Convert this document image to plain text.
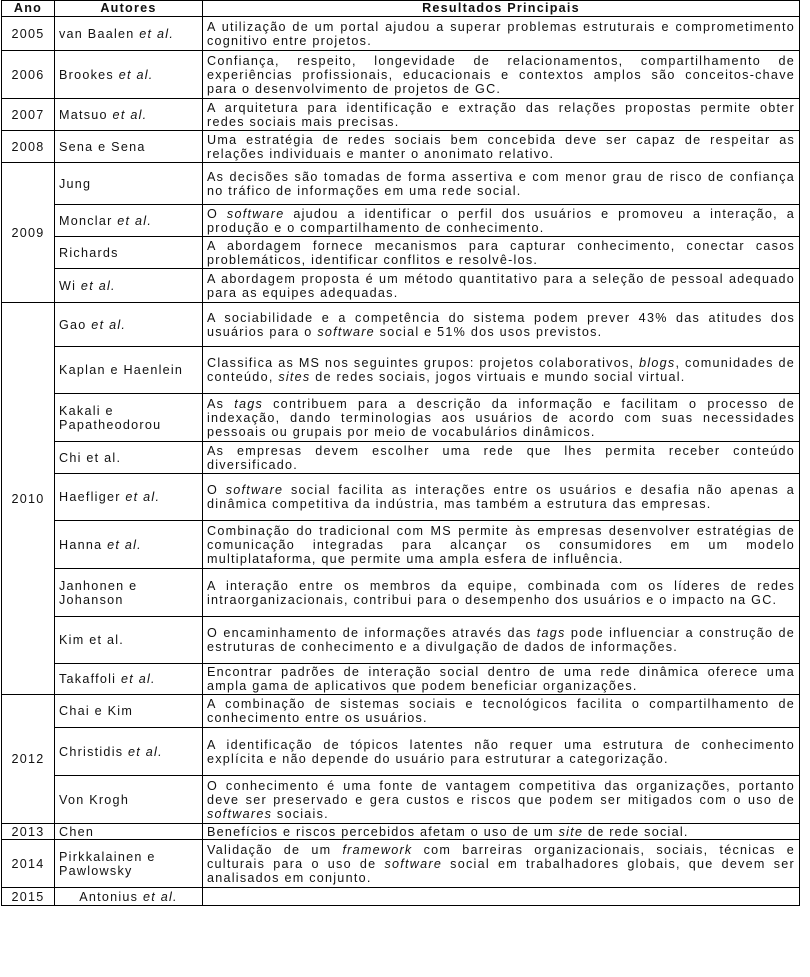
Ano	Autores	Resultados Principais
2005	van Baalen et al.	A utilização de um portal ajudou a superar problemas estruturais e comprometimento cognitivo entre projetos.
2006	Brookes et al.	Confiança, respeito, longevidade de relacionamentos, compartilhamento de experiências profissionais, educacionais e contextos amplos são conceitos-chave para o desenvolvimento de projetos de GC.
2007	Matsuo et al.	A arquitetura para identificação e extração das relações propostas permite obter redes sociais mais precisas.
2008	Sena e Sena	Uma estratégia de redes sociais bem concebida deve ser capaz de respeitar as relações individuais e manter o anonimato relativo.
2009	Jung	As decisões são tomadas de forma assertiva e com menor grau de risco de confiança no tráfico de informações em uma rede social.
	Monclar et al.	O software ajudou a identificar o perfil dos usuários e promoveu a interação, a produção e o compartilhamento de conhecimento.
	Richards	A abordagem fornece mecanismos para capturar conhecimento, conectar casos problemáticos, identificar conflitos e resolvê-los.
	Wi et al.	A abordagem proposta é um método quantitativo para a seleção de pessoal adequado para as equipes adequadas.
2010	Gao et al.	A sociabilidade e a competência do sistema podem prever 43% das atitudes dos usuários para o software social e 51% dos usos previstos.
	Kaplan e Haenlein	Classifica as MS nos seguintes grupos: projetos colaborativos, blogs, comunidades de conteúdo, sites de redes sociais, jogos virtuais e mundo social virtual.
	Kakali e Papatheodorou	As tags contribuem para a descrição da informação e facilitam o processo de indexação, dando terminologias aos usuários de acordo com suas necessidades pessoais ou grupais por meio de vocabulários dinâmicos.
	Chi et al.	As empresas devem escolher uma rede que lhes permita receber conteúdo diversificado.
	Haefliger et al.	O software social facilita as interações entre os usuários e desafia não apenas a dinâmica competitiva da indústria, mas também a estrutura das empresas.
	Hanna et al.	Combinação do tradicional com MS permite às empresas desenvolver estratégias de comunicação integradas para alcançar os consumidores em um modelo multiplataforma, que permite uma ampla esfera de influência.
	Janhonen e Johanson	A interação entre os membros da equipe, combinada com os líderes de redes intraorganizacionais, contribui para o desempenho dos usuários e o impacto na GC.
	Kim et al.	O encaminhamento de informações através das tags pode influenciar a construção de estruturas de conhecimento e a divulgação de dados de informações.
	Takaffoli et al.	Encontrar padrões de interação social dentro de uma rede dinâmica oferece uma ampla gama de aplicativos que podem beneficiar organizações.
2012	Chai e Kim	A combinação de sistemas sociais e tecnológicos facilita o compartilhamento de conhecimento entre os usuários.
	Christidis et al.	A identificação de tópicos latentes não requer uma estrutura de conhecimento explícita e não depende do usuário para estruturar a categorização.
	Von Krogh	O conhecimento é uma fonte de vantagem competitiva das organizações, portanto deve ser preservado e gera custos e riscos que podem ser mitigados com o uso de softwares sociais.
2013	Chen	Benefícios e riscos percebidos afetam o uso de um site de rede social.
2014	Pirkkalainen e Pawlowsky	Validação de um framework com barreiras organizacionais, sociais, técnicas e culturais para o uso de software social em trabalhadores globais, que devem ser analisados em conjunto.
2015	Antonius et al.	
